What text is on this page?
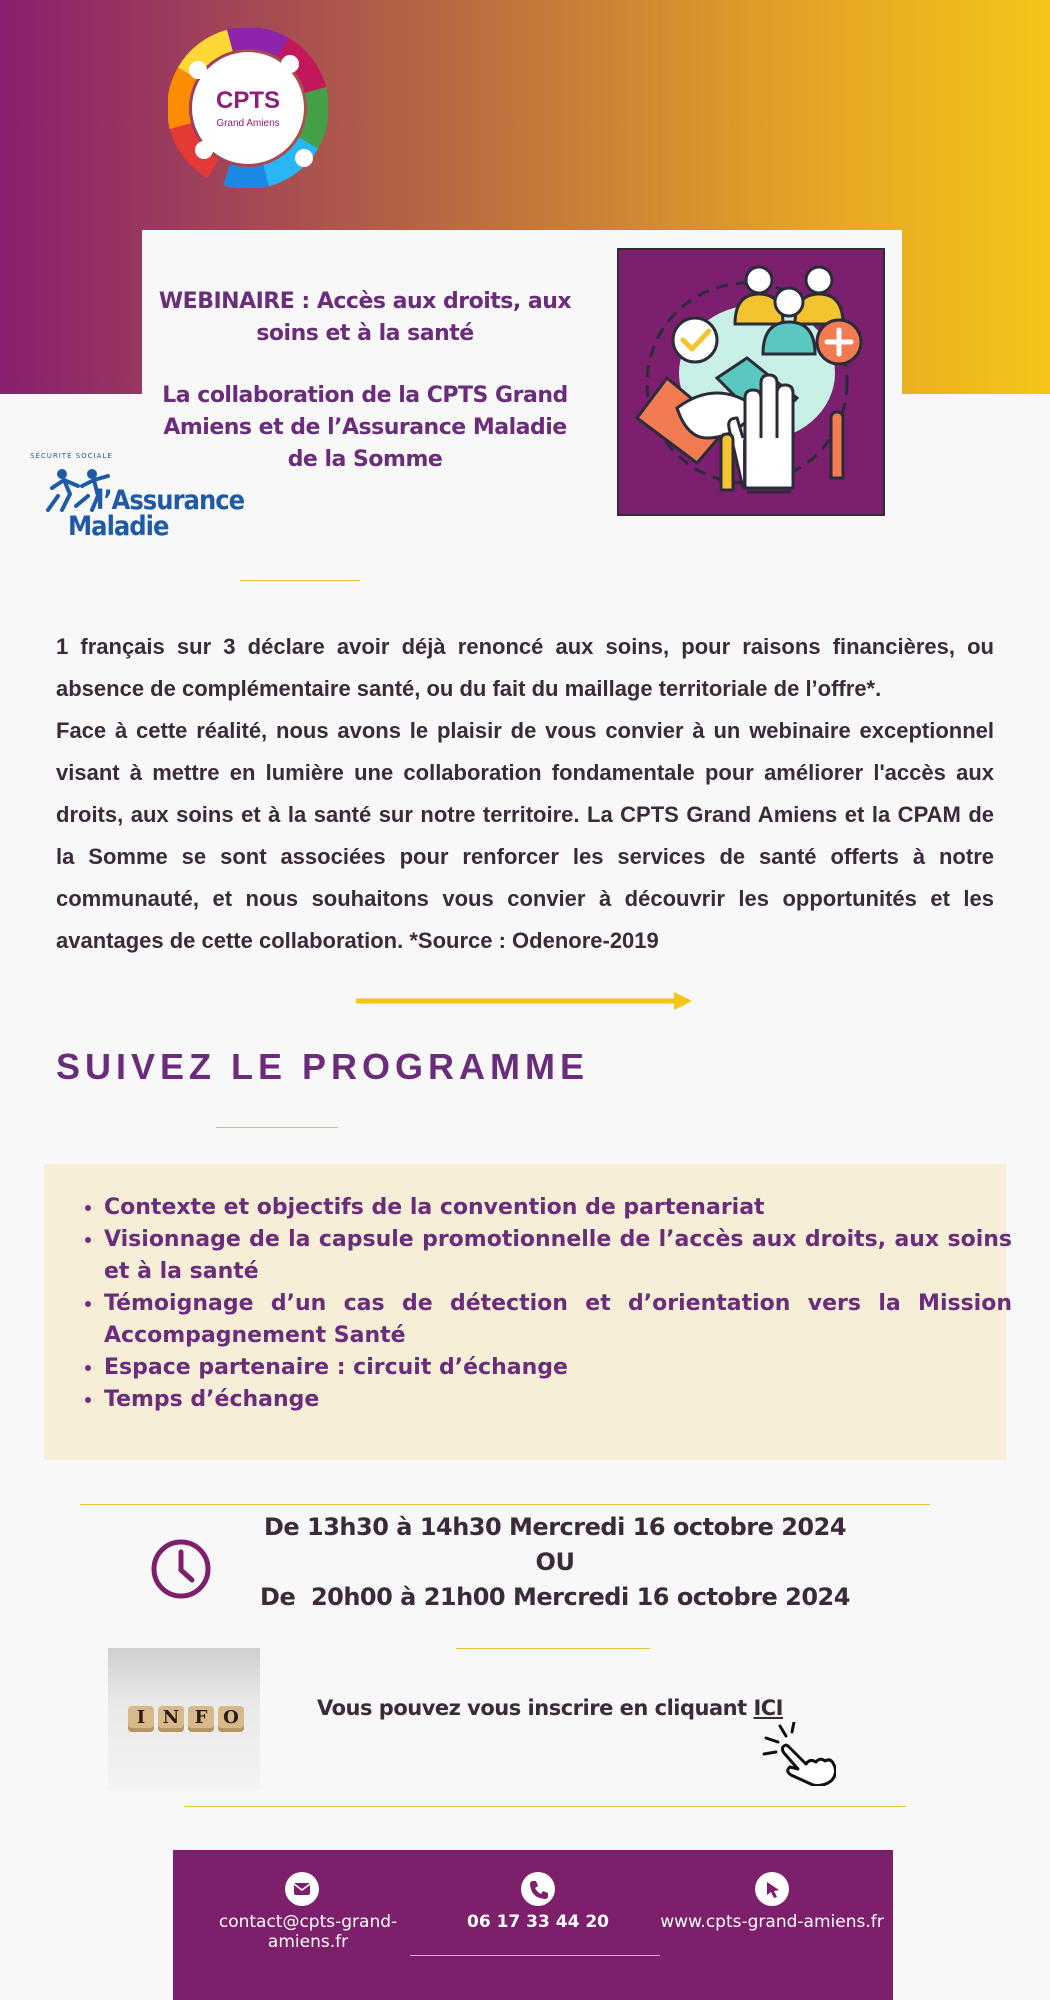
CPTS
Grand Amiens
WEBINAIRE : Accès aux droits, aux soins et à la santé
La collaboration de la CPTS Grand Amiens et de l’Assurance Maladie de la Somme
SÉCURITÉ SOCIALE
l’Assurance
Maladie

1 français sur 3 déclare avoir déjà renoncé aux soins, pour raisons financières, ou absence de complémentaire santé, ou du fait du maillage territoriale de l’offre*.

Face à cette réalité, nous avons le plaisir de vous convier à un webinaire exceptionnel visant à mettre en lumière une collaboration fondamentale pour améliorer l'accès aux droits, aux soins et à la santé sur notre territoire. La CPTS Grand Amiens et la CPAM de la Somme se sont associées pour renforcer les services de santé offerts à notre communauté, et nous souhaitons vous convier à découvrir les opportunités et les avantages de cette collaboration. *Source : Odenore-2019

SUIVEZ LE PROGRAMME
• Contexte et objectifs de la convention de partenariat
• Visionnage de la capsule promotionnelle de l’accès aux droits, aux soins et à la santé
• Témoignage d’un cas de détection et d’orientation vers la Mission Accompagnement Santé
• Espace partenaire : circuit d’échange
• Temps d’échange
De 13h30 à 14h30 Mercredi 16 octobre 2024
OU
De  20h00 à 21h00 Mercredi 16 octobre 2024
I N F O	Vous pouvez vous inscrire en cliquant ICI
contact@cpts-grand-amiens.fr
06 17 33 44 20	www.cpts-grand-amiens.fr
